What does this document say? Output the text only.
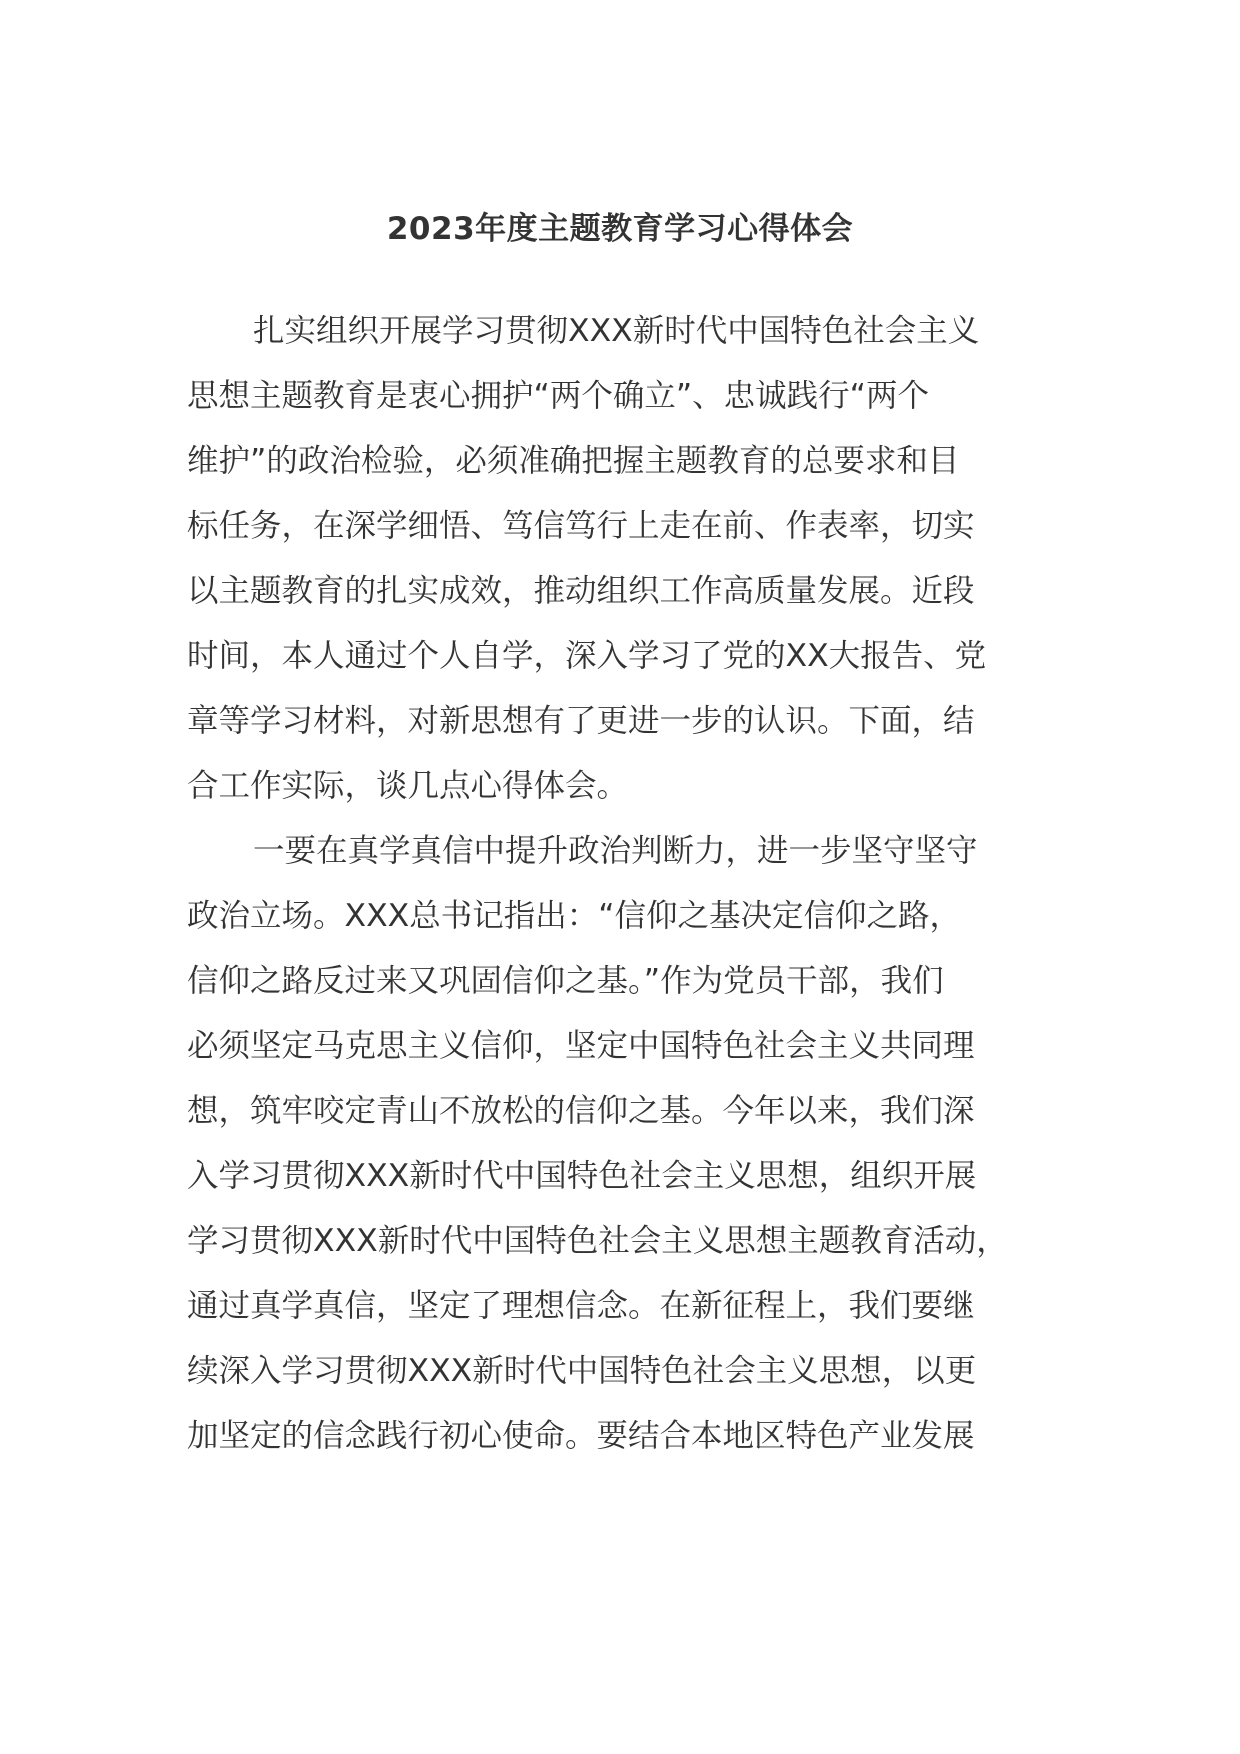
2023年度主题教育学习心得体会
扎实组织开展学习贯彻XXX新时代中国特色社会主义
思想主题教育是衷心拥护“两个确立”、忠诚践行“两个
维护”的政治检验，必须准确把握主题教育的总要求和目
标任务，在深学细悟、笃信笃行上走在前、作表率，切实
以主题教育的扎实成效，推动组织工作高质量发展。近段
时间，本人通过个人自学，深入学习了党的XX大报告、党
章等学习材料，对新思想有了更进一步的认识。下面，结
合工作实际，谈几点心得体会。
一要在真学真信中提升政治判断力，进一步坚守坚守
政治立场。XXX总书记指出：“信仰之基决定信仰之路，
信仰之路反过来又巩固信仰之基。”作为党员干部，我们
必须坚定马克思主义信仰，坚定中国特色社会主义共同理
想，筑牢咬定青山不放松的信仰之基。今年以来，我们深
入学习贯彻XXX新时代中国特色社会主义思想，组织开展
学习贯彻XXX新时代中国特色社会主义思想主题教育活动，
通过真学真信，坚定了理想信念。在新征程上，我们要继
续深入学习贯彻XXX新时代中国特色社会主义思想，以更
加坚定的信念践行初心使命。要结合本地区特色产业发展
